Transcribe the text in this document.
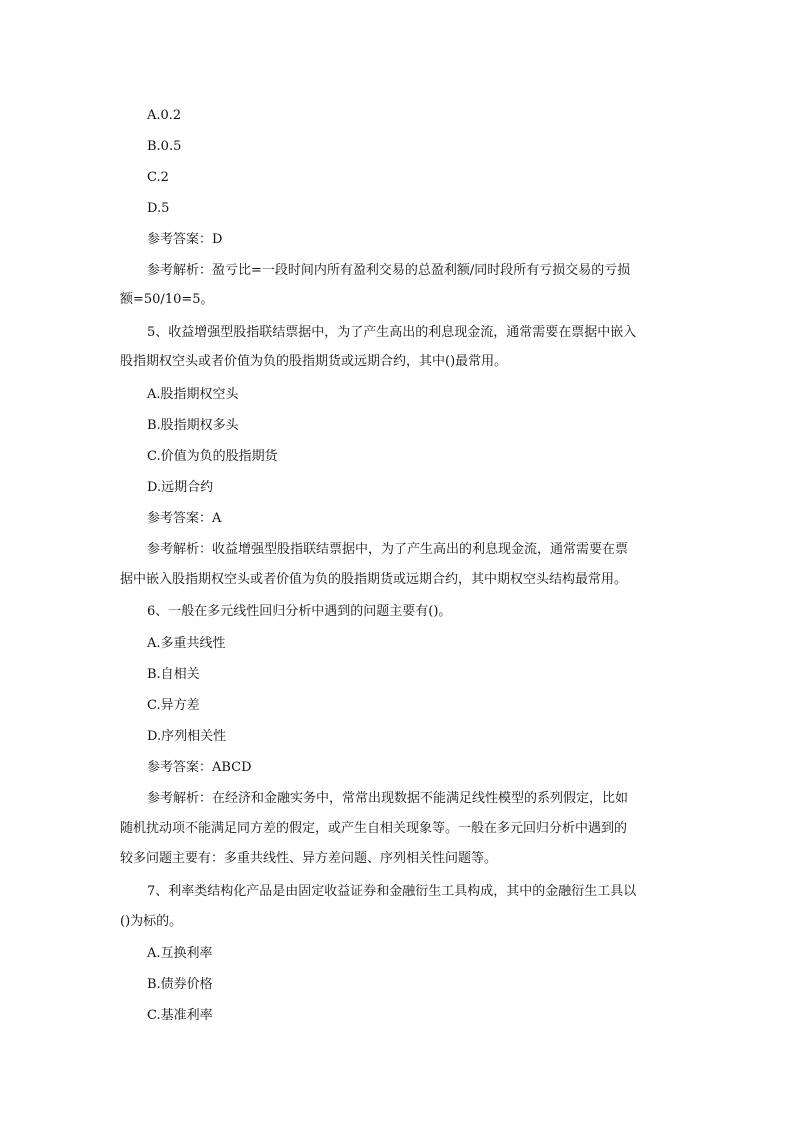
A.0.2
B.0.5
C.2
D.5
参考答案：D
参考解析：盈亏比=一段时间内所有盈利交易的总盈利额/同时段所有亏损交易的亏损
额=50/10=5。
5、收益增强型股指联结票据中，为了产生高出的利息现金流，通常需要在票据中嵌入
股指期权空头或者价值为负的股指期货或远期合约，其中()最常用。
A.股指期权空头
B.股指期权多头
C.价值为负的股指期货
D.远期合约
参考答案：A
参考解析：收益增强型股指联结票据中，为了产生高出的利息现金流，通常需要在票
据中嵌入股指期权空头或者价值为负的股指期货或远期合约，其中期权空头结构最常用。
6、一般在多元线性回归分析中遇到的问题主要有()。
A.多重共线性
B.自相关
C.异方差
D.序列相关性
参考答案：ABCD
参考解析：在经济和金融实务中，常常出现数据不能满足线性模型的系列假定，比如
随机扰动项不能满足同方差的假定，或产生自相关现象等。一般在多元回归分析中遇到的
较多问题主要有：多重共线性、异方差问题、序列相关性问题等。
7、利率类结构化产品是由固定收益证券和金融衍生工具构成，其中的金融衍生工具以
()为标的。
A.互换利率
B.债券价格
C.基准利率
